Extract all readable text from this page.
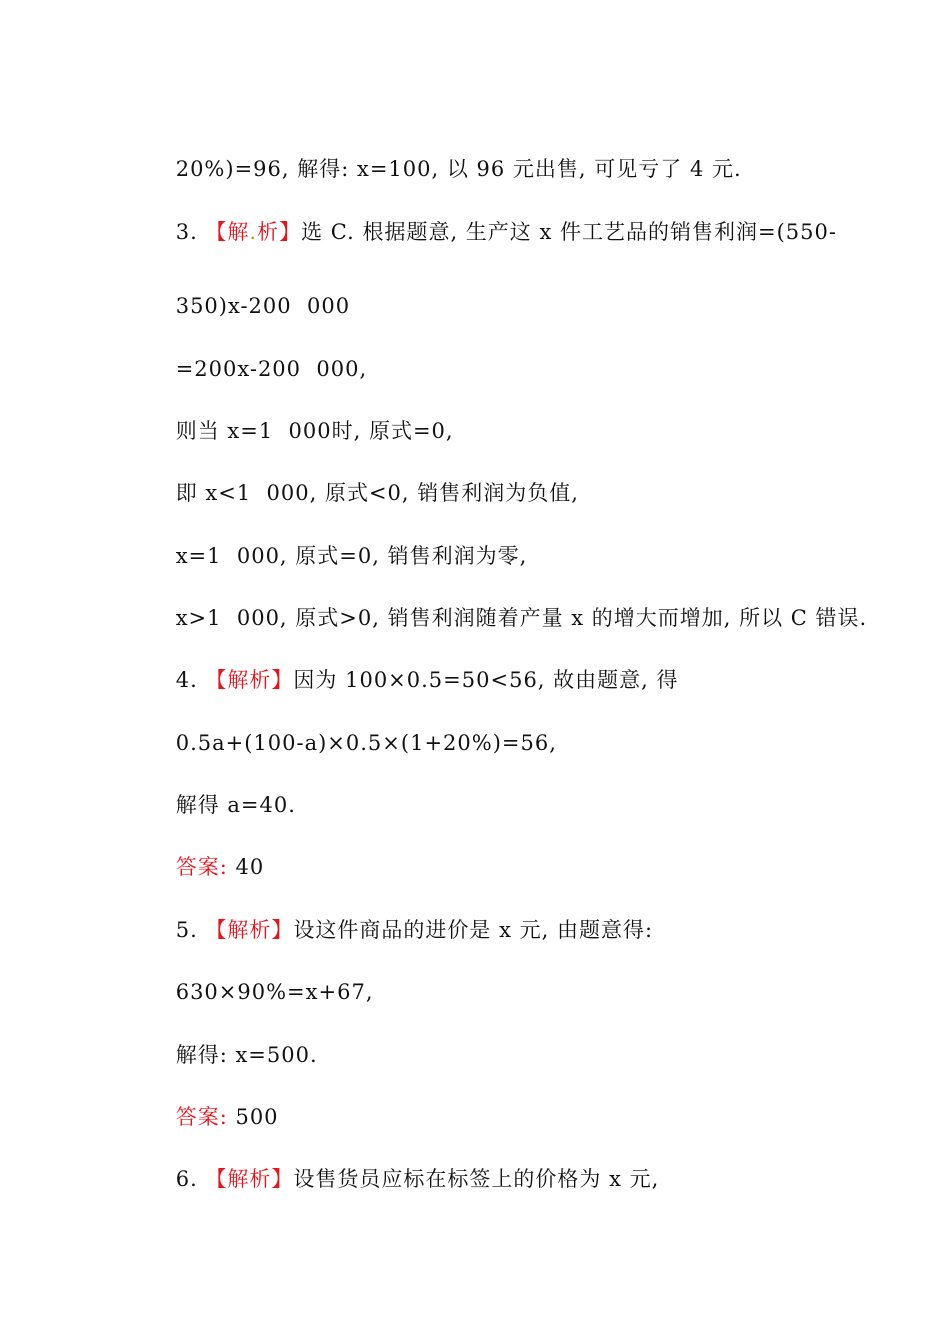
20%)=96, 解得: x=100, 以 96 元出售, 可见亏了 4 元.

3. 【解.析】选 C. 根据题意, 生产这 x 件工艺品的销售利润=(550-

350)x-200  000

=200x-200  000,

则当 x=1  000时, 原式=0,

即 x<1  000, 原式<0, 销售利润为负值,

x=1  000, 原式=0, 销售利润为零,

x>1  000, 原式>0, 销售利润随着产量 x 的增大而增加, 所以 C 错误.

4. 【解析】因为 100×0.5=50<56, 故由题意, 得

0.5a+(100-a)×0.5×(1+20%)=56,

解得 a=40.

答案: 40

5. 【解析】设这件商品的进价是 x 元, 由题意得:

630×90%=x+67,

解得: x=500.

答案: 500

6. 【解析】设售货员应标在标签上的价格为 x 元,
